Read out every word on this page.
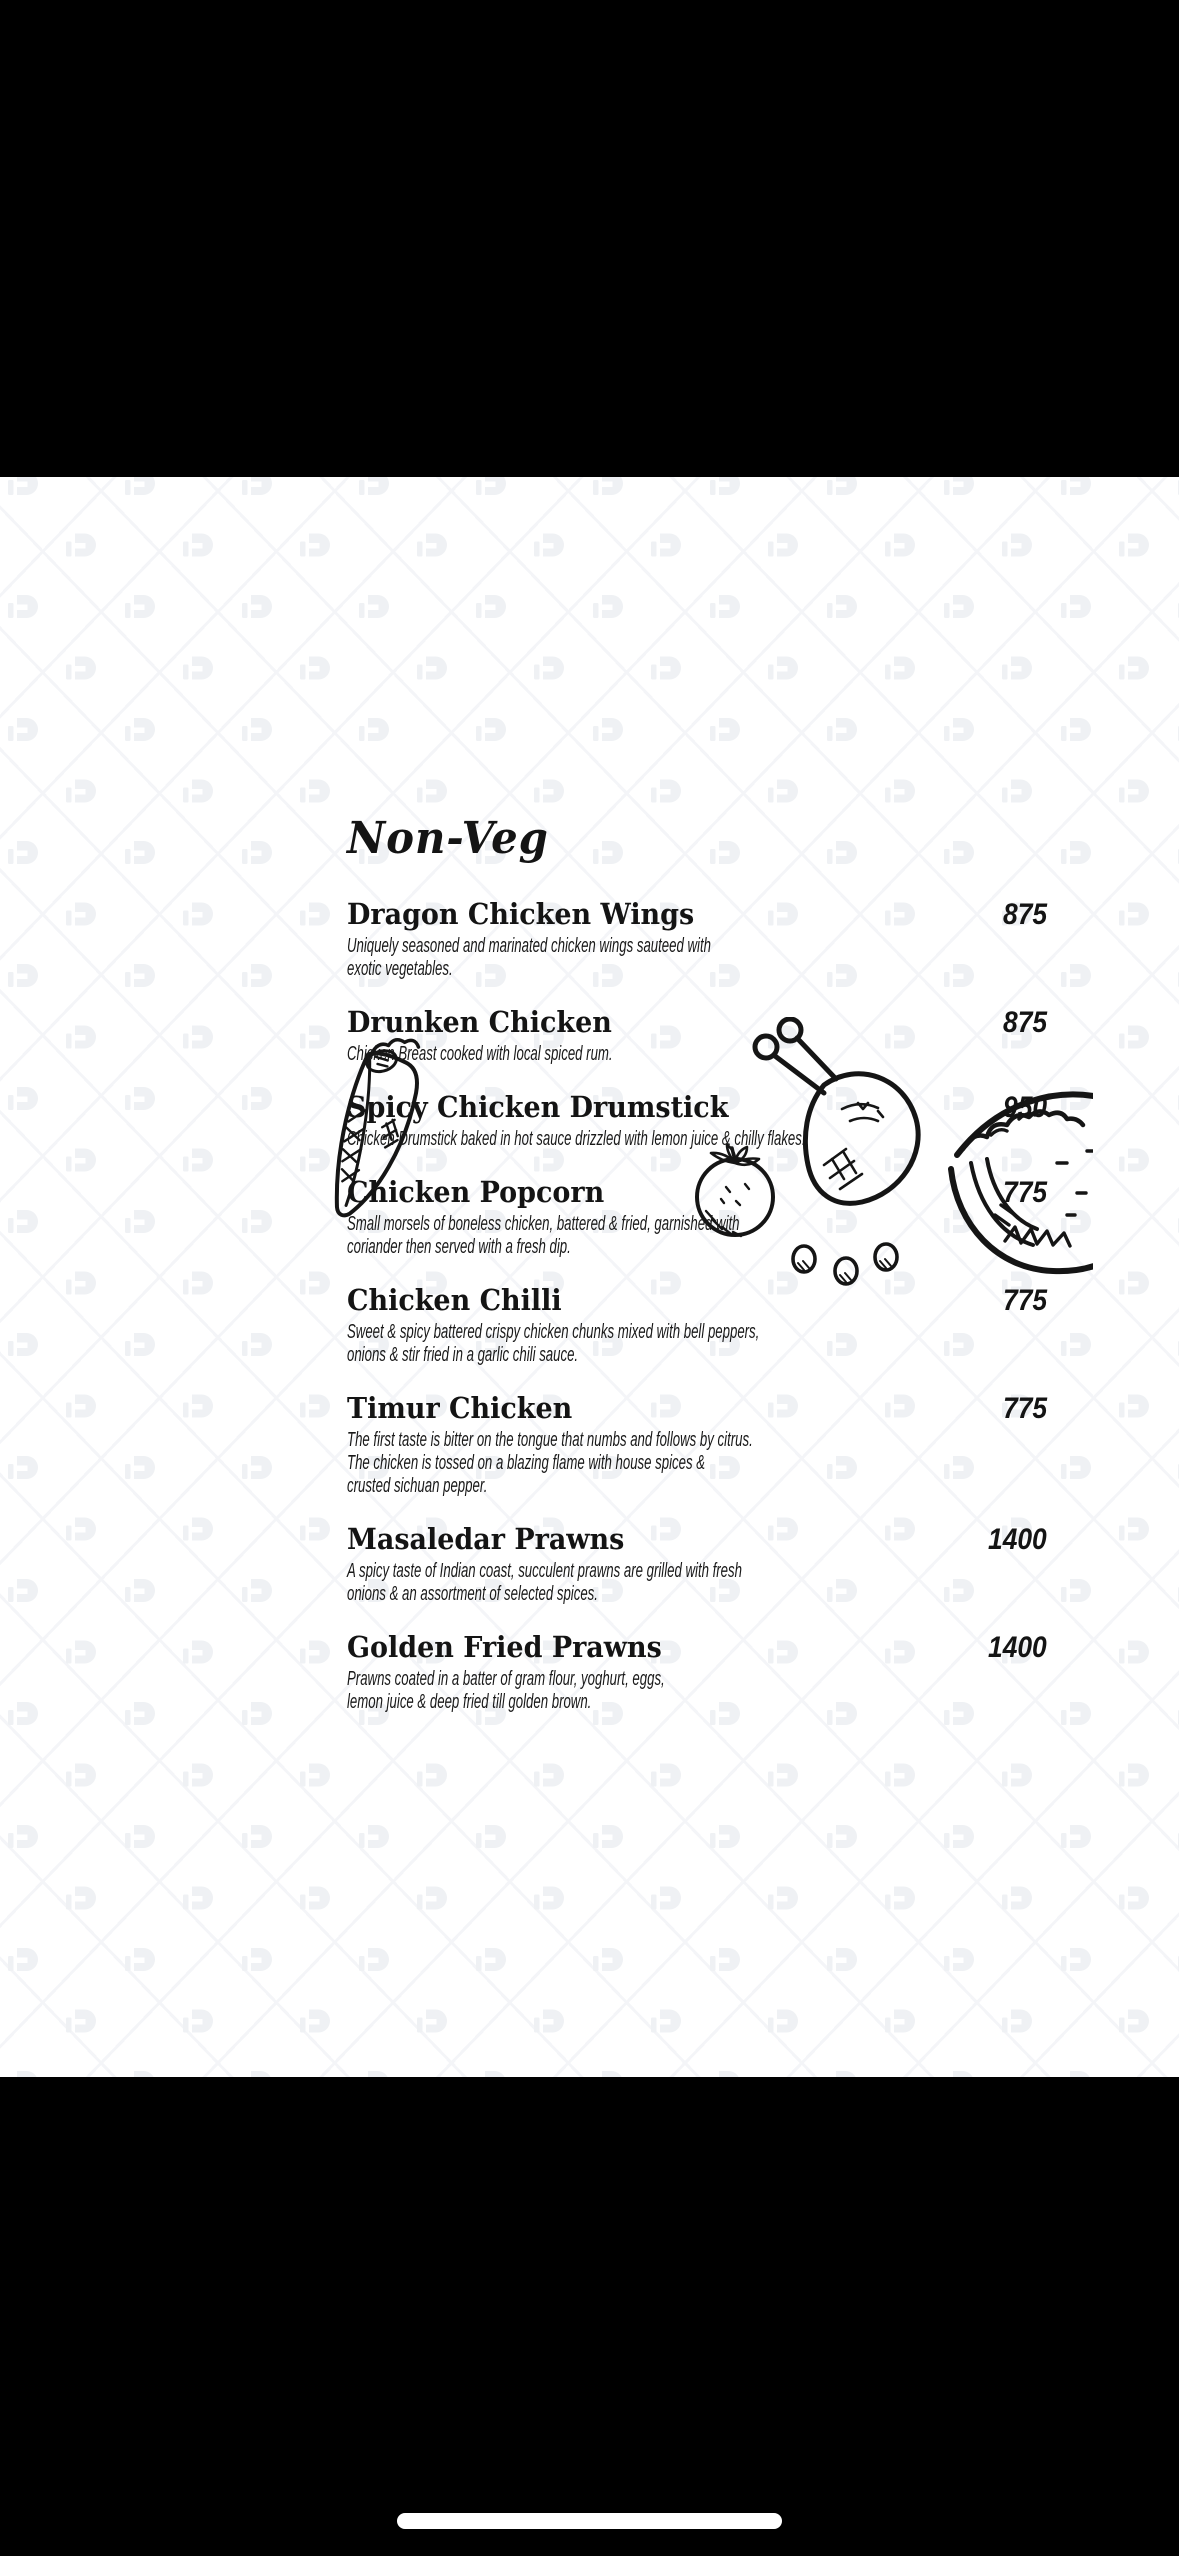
Non-Veg
Dragon Chicken Wings	875

Uniquely seasoned and marinated chicken wings sauteed with
exotic vegetables.

Drunken Chicken	875

Chicken Breast cooked with local spiced rum.

Spicy Chicken Drumstick	950

Chicken Drumstick baked in hot sauce drizzled with lemon juice & chilly flakes.

Chicken Popcorn	775

Small morsels of boneless chicken, battered & fried, garnished with
coriander then served with a fresh dip.

Chicken Chilli	775

Sweet & spicy battered crispy chicken chunks mixed with bell peppers,
onions & stir fried in a garlic chili sauce.

Timur Chicken	775

The first taste is bitter on the tongue that numbs and follows by citrus.
The chicken is tossed on a blazing flame with house spices &
crusted sichuan pepper.

Masaledar Prawns	1400

A spicy taste of Indian coast, succulent prawns are grilled with fresh
onions & an assortment of selected spices.

Golden Fried Prawns	1400

Prawns coated in a batter of gram flour, yoghurt, eggs,
lemon juice & deep fried till golden brown.
